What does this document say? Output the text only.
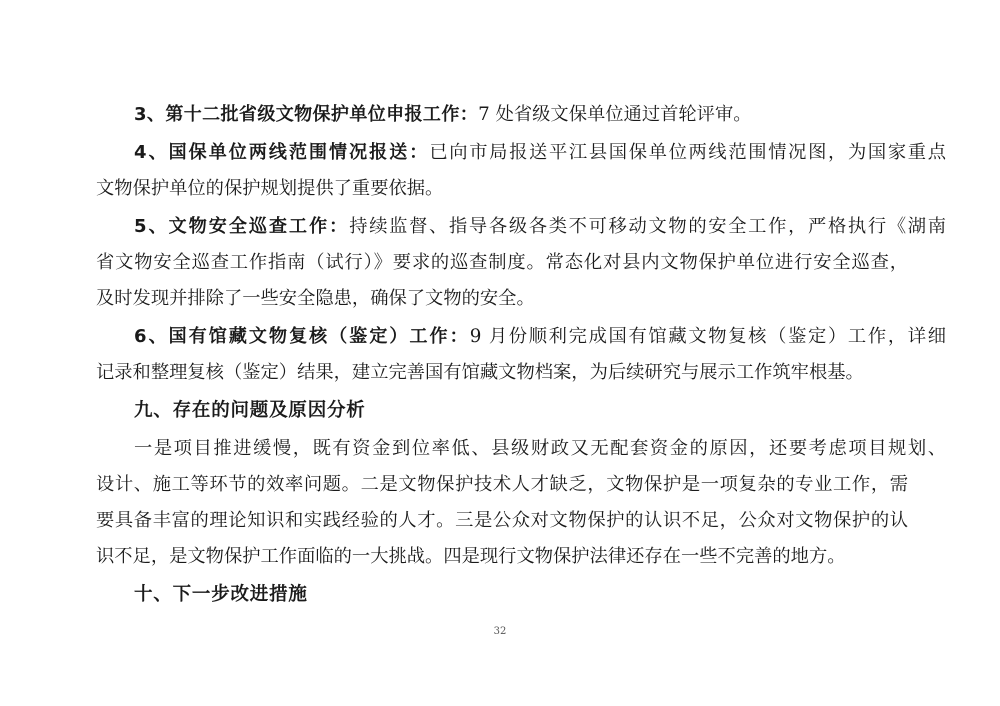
3、第十二批省级文物保护单位申报工作：7 处省级文保单位通过首轮评审。
4、国保单位两线范围情况报送：已向市局报送平江县国保单位两线范围情况图，为国家重点
文物保护单位的保护规划提供了重要依据。
5、文物安全巡查工作：持续监督、指导各级各类不可移动文物的安全工作，严格执行《湖南
省文物安全巡查工作指南（试行）》要求的巡查制度。常态化对县内文物保护单位进行安全巡查，
及时发现并排除了一些安全隐患，确保了文物的安全。
6、国有馆藏文物复核（鉴定）工作：9 月份顺利完成国有馆藏文物复核（鉴定）工作，详细
记录和整理复核（鉴定）结果，建立完善国有馆藏文物档案，为后续研究与展示工作筑牢根基。
九、存在的问题及原因分析
一是项目推进缓慢，既有资金到位率低、县级财政又无配套资金的原因，还要考虑项目规划、
设计、施工等环节的效率问题。二是文物保护技术人才缺乏，文物保护是一项复杂的专业工作，需
要具备丰富的理论知识和实践经验的人才。三是公众对文物保护的认识不足，公众对文物保护的认
识不足，是文物保护工作面临的一大挑战。四是现行文物保护法律还存在一些不完善的地方。
十、下一步改进措施
32
